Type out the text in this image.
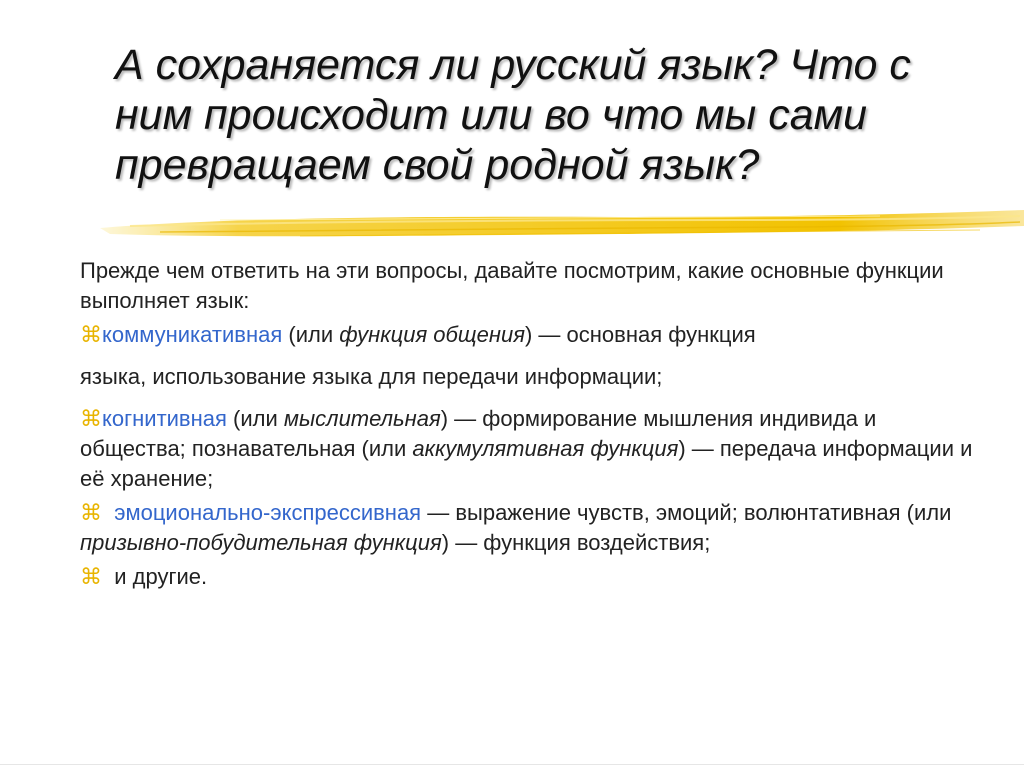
А сохраняется ли русский язык? Что с ним происходит или во что мы сами превращаем свой родной язык?

Прежде чем ответить на эти вопросы, давайте посмотрим, какие основные функции выполняет язык:

⌘коммуникативная (или функция общения) — основная функция

языка, использование языка для передачи информации;

⌘когнитивная (или мыслительная) — формирование мышления индивида и общества; познавательная (или аккумулятивная функция) — передача информации и её хранение;

⌘ эмоционально-экспрессивная — выражение чувств, эмоций; волюнтативная (или призывно-побудительная функция) — функция воздействия;

⌘ и другие.
